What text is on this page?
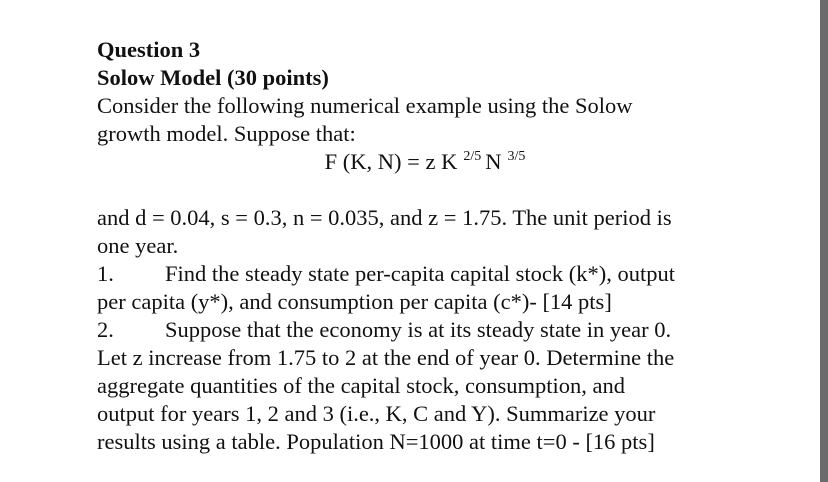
Question 3
Solow Model (30 points)
Consider the following numerical example using the Solow
growth model. Suppose that:
F (K, N) = z K $^{2/5}$ N $^{3/5}$
and d = 0.04, s = 0.3, n = 0.035, and z = 1.75. The unit period is
one year.
1. Find the steady state per-capita capital stock (k*), output
per capita (y*), and consumption per capita (c*)- [14 pts]
2. Suppose that the economy is at its steady state in year 0.
Let z increase from 1.75 to 2 at the end of year 0. Determine the
aggregate quantities of the capital stock, consumption, and
output for years 1, 2 and 3 (i.e., K, C and Y). Summarize your
results using a table. Population N=1000 at time t=0 - [16 pts]
